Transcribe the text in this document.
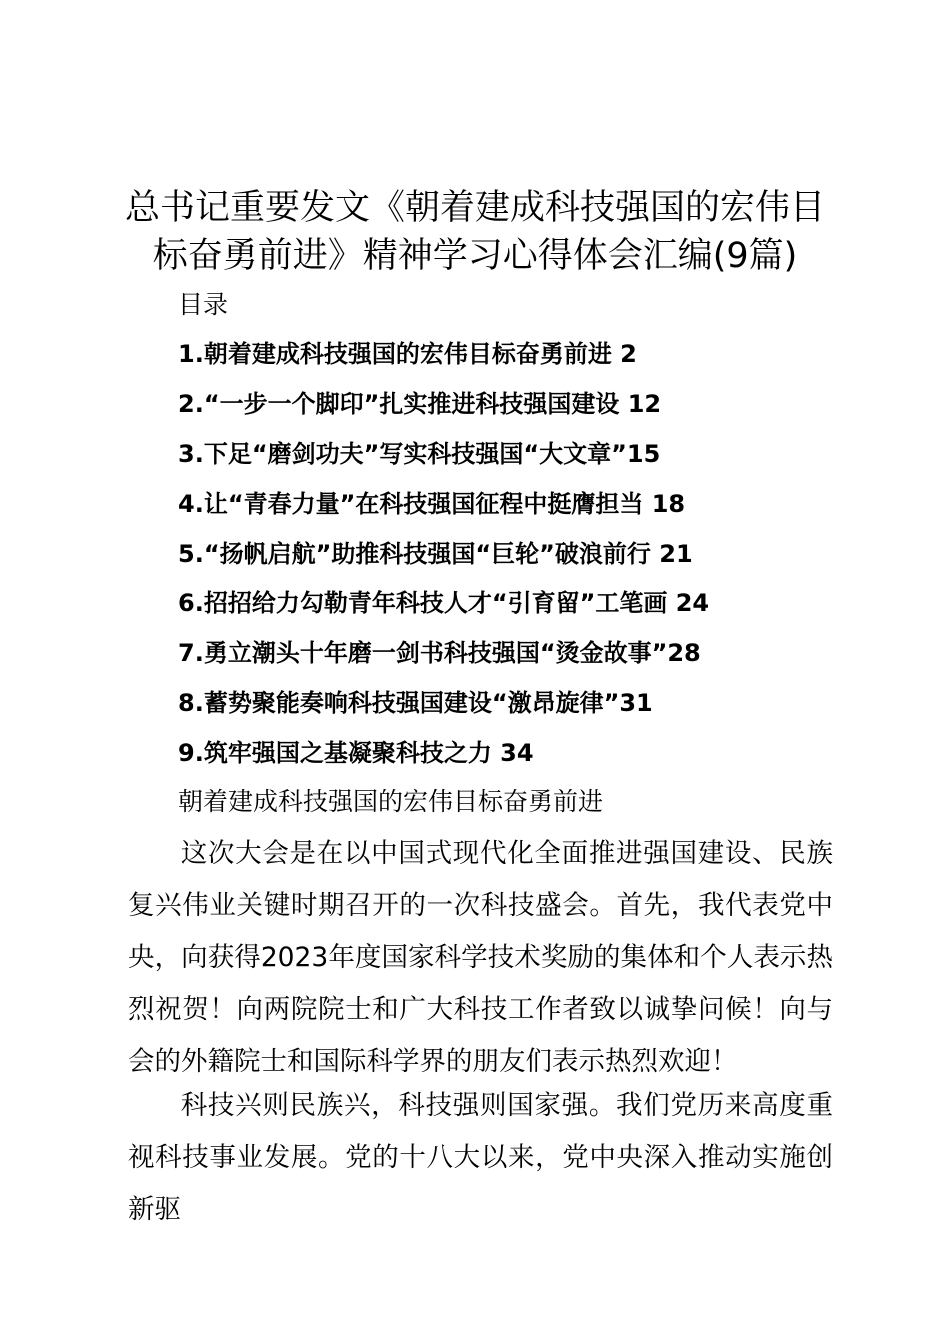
总书记重要发文《朝着建成科技强国的宏伟目标奋勇前进》精神学习心得体会汇编(9篇)
目录
1.朝着建成科技强国的宏伟目标奋勇前进 2
2.“一步一个脚印”扎实推进科技强国建设 12
3.下足“磨剑功夫”写实科技强国“大文章”15
4.让“青春力量”在科技强国征程中挺膺担当 18
5.“扬帆启航”助推科技强国“巨轮”破浪前行 21
6.招招给力勾勒青年科技人才“引育留”工笔画 24
7.勇立潮头十年磨一剑书科技强国“烫金故事”28
8.蓄势聚能奏响科技强国建设“激昂旋律”31
9.筑牢强国之基凝聚科技之力 34
朝着建成科技强国的宏伟目标奋勇前进

这次大会是在以中国式现代化全面推进强国建设、民族复兴伟业关键时期召开的一次科技盛会。首先，我代表党中央，向获得2023年度国家科学技术奖励的集体和个人表示热烈祝贺！向两院院士和广大科技工作者致以诚挚问候！向与会的外籍院士和国际科学界的朋友们表示热烈欢迎！

科技兴则民族兴，科技强则国家强。我们党历来高度重视科技事业发展。党的十八大以来，党中央深入推动实施创新驱
